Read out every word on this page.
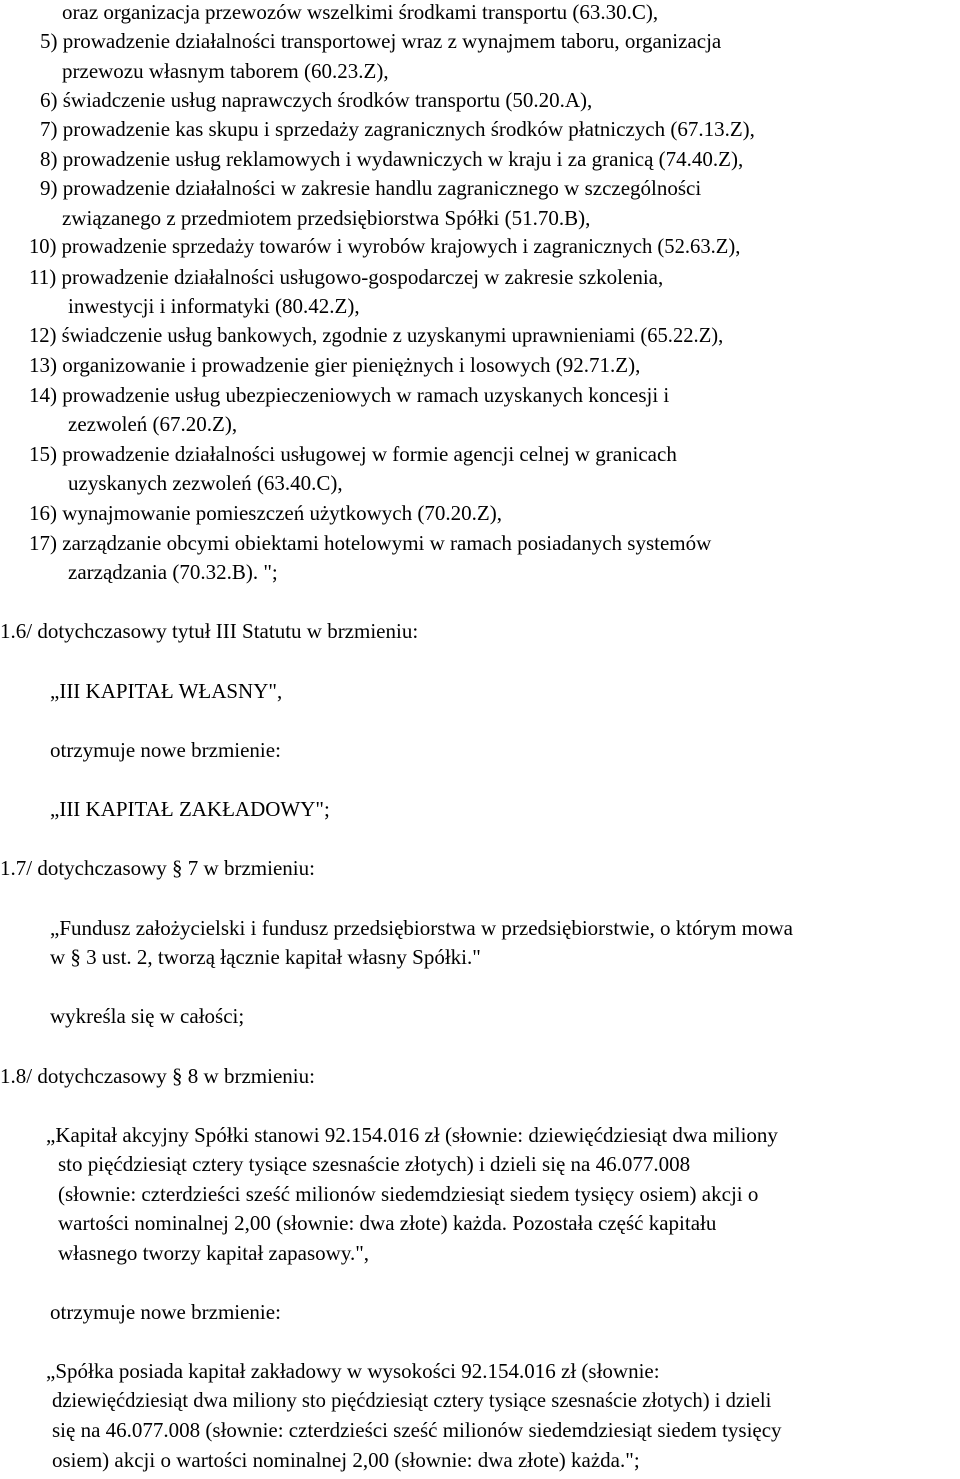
oraz organizacja przewozów wszelkimi środkami transportu (63.30.C),
5) prowadzenie działalności transportowej wraz z wynajmem taboru, organizacja
przewozu własnym taborem (60.23.Z),
6) świadczenie usług naprawczych środków transportu (50.20.A),
7) prowadzenie kas skupu i sprzedaży zagranicznych środków płatniczych (67.13.Z),
8) prowadzenie usług reklamowych i wydawniczych w kraju i za granicą (74.40.Z),
9) prowadzenie działalności w zakresie handlu zagranicznego w szczególności
związanego z przedmiotem przedsiębiorstwa Spółki (51.70.B),
10) prowadzenie sprzedaży towarów i wyrobów krajowych i zagranicznych (52.63.Z),
11) prowadzenie działalności usługowo-gospodarczej w zakresie szkolenia,
inwestycji i informatyki (80.42.Z),
12) świadczenie usług bankowych, zgodnie z uzyskanymi uprawnieniami (65.22.Z),
13) organizowanie i prowadzenie gier pieniężnych i losowych (92.71.Z),
14) prowadzenie usług ubezpieczeniowych w ramach uzyskanych koncesji i
zezwoleń (67.20.Z),
15) prowadzenie działalności usługowej w formie agencji celnej w granicach
uzyskanych zezwoleń (63.40.C),
16) wynajmowanie pomieszczeń użytkowych (70.20.Z),
17) zarządzanie obcymi obiektami hotelowymi w ramach posiadanych systemów
zarządzania (70.32.B). ";
1.6/ dotychczasowy tytuł III Statutu w brzmieniu:
„III KAPITAŁ WŁASNY",
otrzymuje nowe brzmienie:
„III KAPITAŁ ZAKŁADOWY";
1.7/ dotychczasowy § 7 w brzmieniu:
„Fundusz założycielski i fundusz przedsiębiorstwa w przedsiębiorstwie, o którym mowa
w § 3 ust. 2, tworzą łącznie kapitał własny Spółki."
wykreśla się w całości;
1.8/ dotychczasowy § 8 w brzmieniu:
„Kapitał akcyjny Spółki stanowi 92.154.016 zł (słownie: dziewięćdziesiąt dwa miliony
sto pięćdziesiąt cztery tysiące szesnaście złotych) i dzieli się na 46.077.008
(słownie: czterdzieści sześć milionów siedemdziesiąt siedem tysięcy osiem) akcji o
wartości nominalnej 2,00 (słownie: dwa złote) każda. Pozostała część kapitału
własnego tworzy kapitał zapasowy.",
otrzymuje nowe brzmienie:
„Spółka posiada kapitał zakładowy w wysokości 92.154.016 zł (słownie:
dziewięćdziesiąt dwa miliony sto pięćdziesiąt cztery tysiące szesnaście złotych) i dzieli
się na 46.077.008 (słownie: czterdzieści sześć milionów siedemdziesiąt siedem tysięcy
osiem) akcji o wartości nominalnej 2,00 (słownie: dwa złote) każda.";
